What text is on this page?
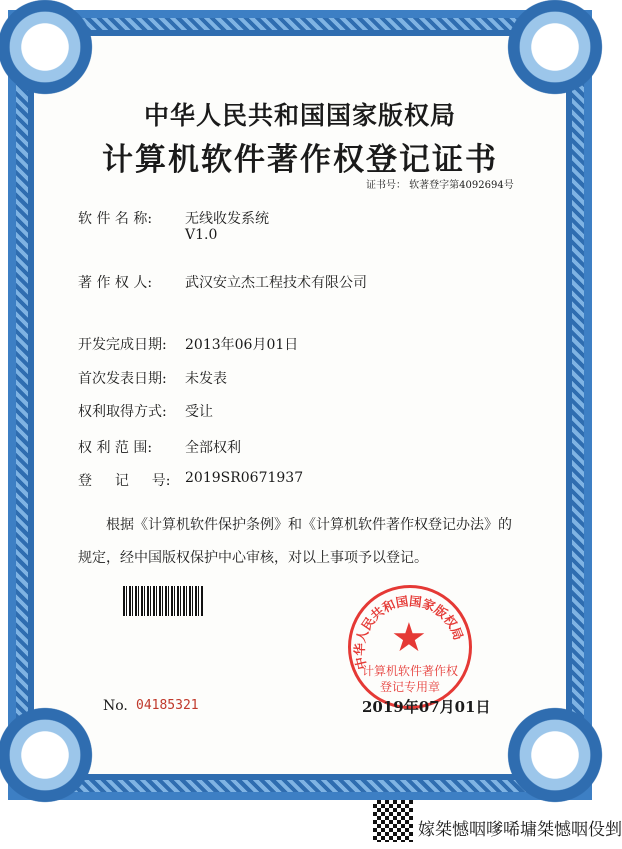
中华人民共和国国家版权局
计算机软件著作权登记证书
证书号： 软著登字第4092694号
软 件 名 称: 无线收发系统
V1.0
著 作 权 人: 武汉安立杰工程技术有限公司
开发完成日期: 2013年06月01日
首次发表日期: 未发表
权利取得方式: 受让
权 利 范 围: 全部权利
登 　 记 　 号: 2019SR0671937
根据《计算机软件保护条例》和《计算机软件著作权登记办法》的
规定，经中国版权保护中心审核，对以上事项予以登记。
中华人民共和国国家版权局
★
计算机软件著作权
登记专用章
No. 04185321	2019年07月01日
嫁桀憾咽嗲唏墉桀憾咽伇剉
